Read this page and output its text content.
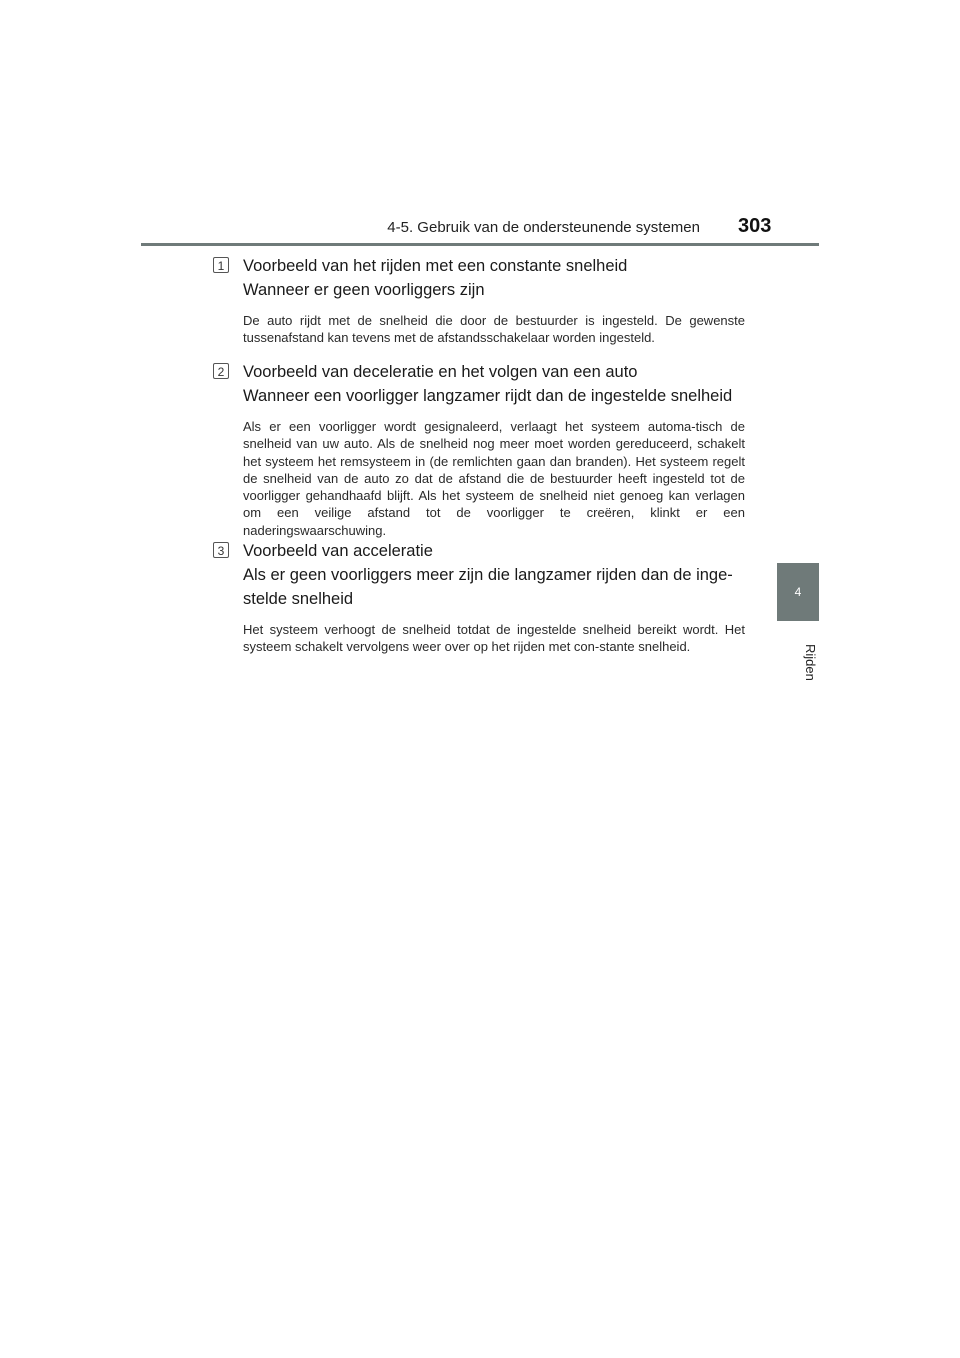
4-5. Gebruik van de ondersteunende systemen 303
4
Rijden
1 Voorbeeld van het rijden met een constante snelheid
Wanneer er geen voorliggers zijn
De auto rijdt met de snelheid die door de bestuurder is ingesteld. De gewenste tussenafstand kan tevens met de afstandsschakelaar worden ingesteld.
2 Voorbeeld van deceleratie en het volgen van een auto
Wanneer een voorligger langzamer rijdt dan de ingestelde snelheid
Als er een voorligger wordt gesignaleerd, verlaagt het systeem automa-tisch de snelheid van uw auto. Als de snelheid nog meer moet worden gereduceerd, schakelt het systeem het remsysteem in (de remlichten gaan dan branden). Het systeem regelt de snelheid van de auto zo dat de afstand die de bestuurder heeft ingesteld tot de voorligger gehandhaafd blijft. Als het systeem de snelheid niet genoeg kan verlagen om een veilige afstand tot de voorligger te creëren, klinkt er een naderingswaarschuwing.
3 Voorbeeld van acceleratie
Als er geen voorliggers meer zijn die langzamer rijden dan de inge-stelde snelheid
Het systeem verhoogt de snelheid totdat de ingestelde snelheid bereikt wordt. Het systeem schakelt vervolgens weer over op het rijden met con-stante snelheid.
